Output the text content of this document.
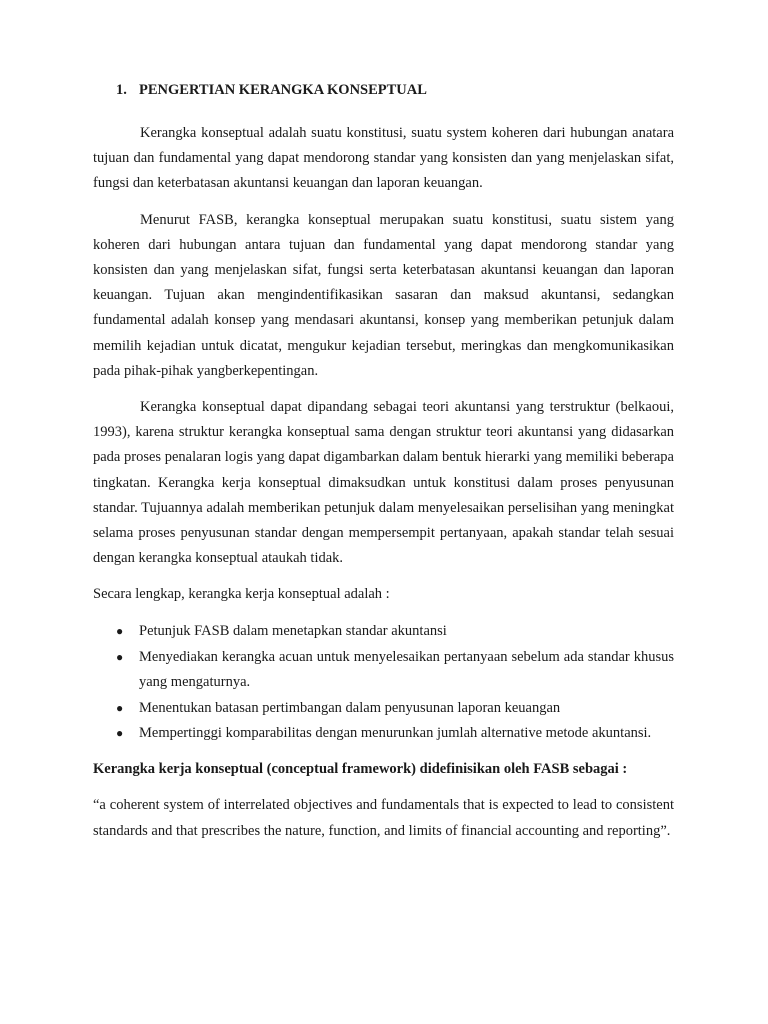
1. PENGERTIAN KERANGKA KONSEPTUAL

Kerangka konseptual adalah suatu konstitusi, suatu system koheren dari hubungan anatara tujuan dan fundamental yang dapat mendorong standar yang konsisten dan yang menjelaskan sifat, fungsi dan keterbatasan akuntansi keuangan dan laporan keuangan.

Menurut FASB, kerangka konseptual merupakan suatu konstitusi, suatu sistem yang koheren dari hubungan antara tujuan dan fundamental yang dapat mendorong standar yang konsisten dan yang menjelaskan sifat, fungsi serta keterbatasan akuntansi keuangan dan laporan keuangan. Tujuan akan mengindentifikasikan sasaran dan maksud akuntansi, sedangkan fundamental adalah konsep yang mendasari akuntansi, konsep yang memberikan petunjuk dalam memilih kejadian untuk dicatat, mengukur kejadian tersebut, meringkas dan mengkomunikasikan pada pihak-pihak yangberkepentingan.

Kerangka konseptual dapat dipandang sebagai teori akuntansi yang terstruktur (belkaoui, 1993), karena struktur kerangka konseptual sama dengan struktur teori akuntansi yang didasarkan pada proses penalaran logis yang dapat digambarkan dalam bentuk hierarki yang memiliki beberapa tingkatan. Kerangka kerja konseptual dimaksudkan untuk konstitusi dalam proses penyusunan standar. Tujuannya adalah memberikan petunjuk dalam menyelesaikan perselisihan yang meningkat selama proses penyusunan standar dengan mempersempit pertanyaan, apakah standar telah sesuai dengan kerangka konseptual ataukah tidak.

Secara lengkap, kerangka kerja konseptual adalah :

●	Petunjuk FASB dalam menetapkan standar akuntansi
●	Menyediakan kerangka acuan untuk menyelesaikan pertanyaan sebelum ada standar khusus yang mengaturnya.
●	Menentukan batasan pertimbangan dalam penyusunan laporan keuangan
●	Mempertinggi komparabilitas dengan menurunkan jumlah alternative metode akuntansi.

Kerangka kerja konseptual (conceptual framework) didefinisikan oleh FASB sebagai :

“a coherent system of interrelated objectives and fundamentals that is expected to lead to consistent standards and that prescribes the nature, function, and limits of financial accounting and reporting”.
